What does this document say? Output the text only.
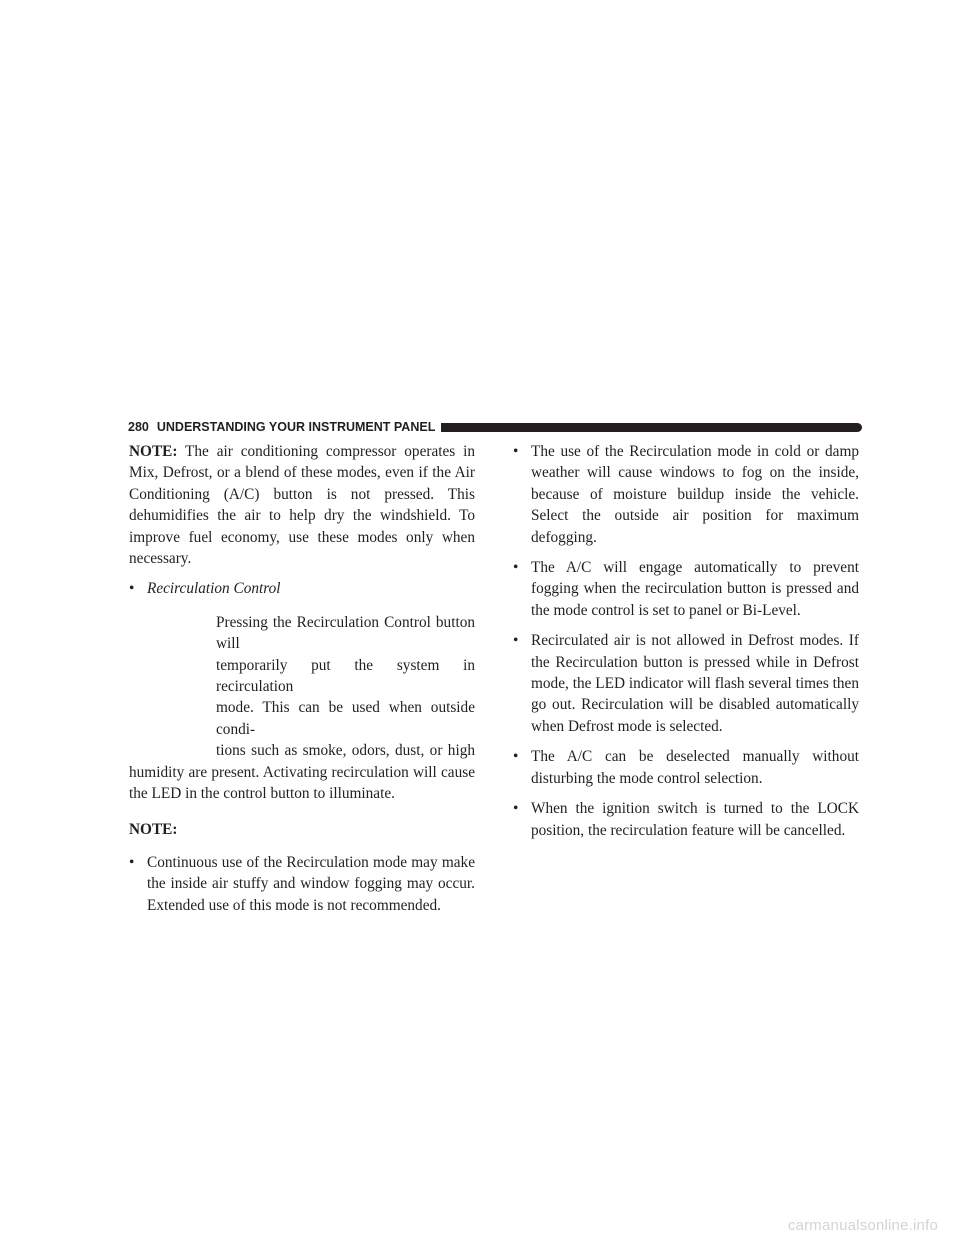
280 UNDERSTANDING YOUR INSTRUMENT PANEL

NOTE: The air conditioning compressor operates in Mix, Defrost, or a blend of these modes, even if the Air Conditioning (A/C) button is not pressed. This dehumidifies the air to help dry the windshield. To improve fuel economy, use these modes only when necessary.

• Recirculation Control
Pressing the Recirculation Control button will
temporarily put the system in recirculation
mode. This can be used when outside condi-
tions such as smoke, odors, dust, or high

humidity are present. Activating recirculation will cause the LED in the control button to illuminate.

NOTE:

• Continuous use of the Recirculation mode may make the inside air stuffy and window fogging may occur. Extended use of this mode is not recommended.
• The use of the Recirculation mode in cold or damp weather will cause windows to fog on the inside, because of moisture buildup inside the vehicle. Select the outside air position for maximum defogging.
• The A/C will engage automatically to prevent fogging when the recirculation button is pressed and the mode control is set to panel or Bi-Level.
• Recirculated air is not allowed in Defrost modes. If the Recirculation button is pressed while in Defrost mode, the LED indicator will flash several times then go out. Recirculation will be disabled automatically when Defrost mode is selected.
• The A/C can be deselected manually without disturbing the mode control selection.
• When the ignition switch is turned to the LOCK position, the recirculation feature will be cancelled.
carmanualsonline.info
